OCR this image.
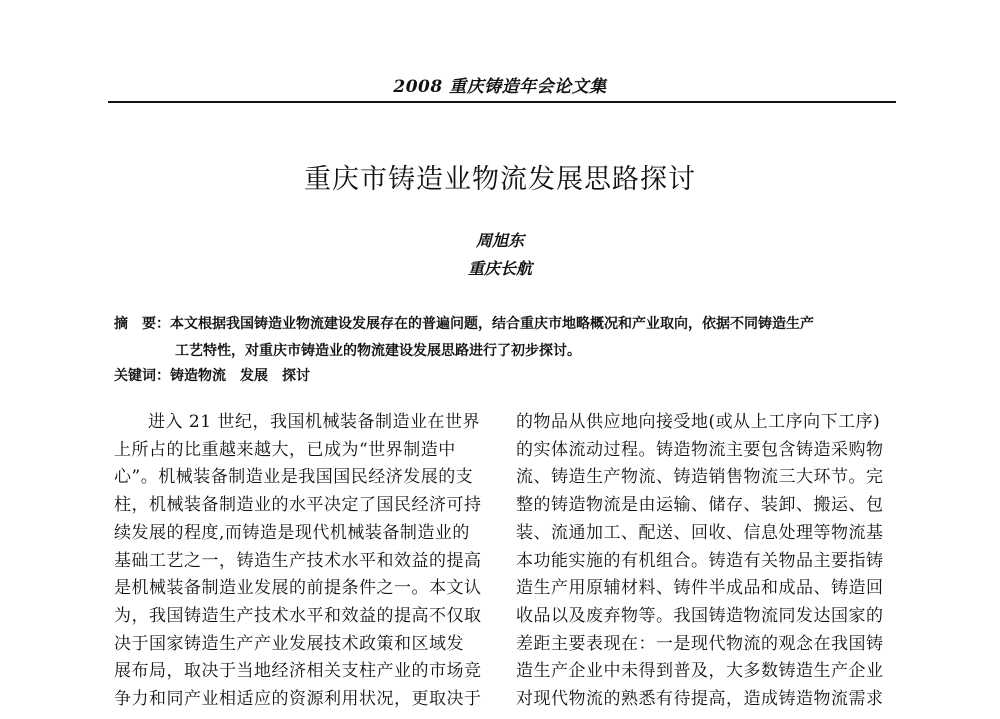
2008 重庆铸造年会论文集
重庆市铸造业物流发展思路探讨
周旭东
重庆长航
摘　要：本文根据我国铸造业物流建设发展存在的普遍问题，结合重庆市地略概况和产业取向，依据不同铸造生产
工艺特性，对重庆市铸造业的物流建设发展思路进行了初步探讨。
关键词：铸造物流 发展 探讨
进入 21 世纪，我国机械装备制造业在世界
上所占的比重越来越大，已成为“世界制造中
心”。机械装备制造业是我国国民经济发展的支
柱，机械装备制造业的水平决定了国民经济可持
续发展的程度,而铸造是现代机械装备制造业的
基础工艺之一，铸造生产技术水平和效益的提高
是机械装备制造业发展的前提条件之一。本文认
为，我国铸造生产技术水平和效益的提高不仅取
决于国家铸造生产产业发展技术政策和区域发
展布局，取决于当地经济相关支柱产业的市场竞
争力和同产业相适应的资源利用状况，更取决于
的物品从供应地向接受地(或从上工序向下工序)
的实体流动过程。铸造物流主要包含铸造采购物
流、铸造生产物流、铸造销售物流三大环节。完
整的铸造物流是由运输、储存、装卸、搬运、包
装、流通加工、配送、回收、信息处理等物流基
本功能实施的有机组合。铸造有关物品主要指铸
造生产用原辅材料、铸件半成品和成品、铸造回
收品以及废弃物等。我国铸造物流同发达国家的
差距主要表现在：一是现代物流的观念在我国铸
造生产企业中未得到普及，大多数铸造生产企业
对现代物流的熟悉有待提高，造成铸造物流需求
